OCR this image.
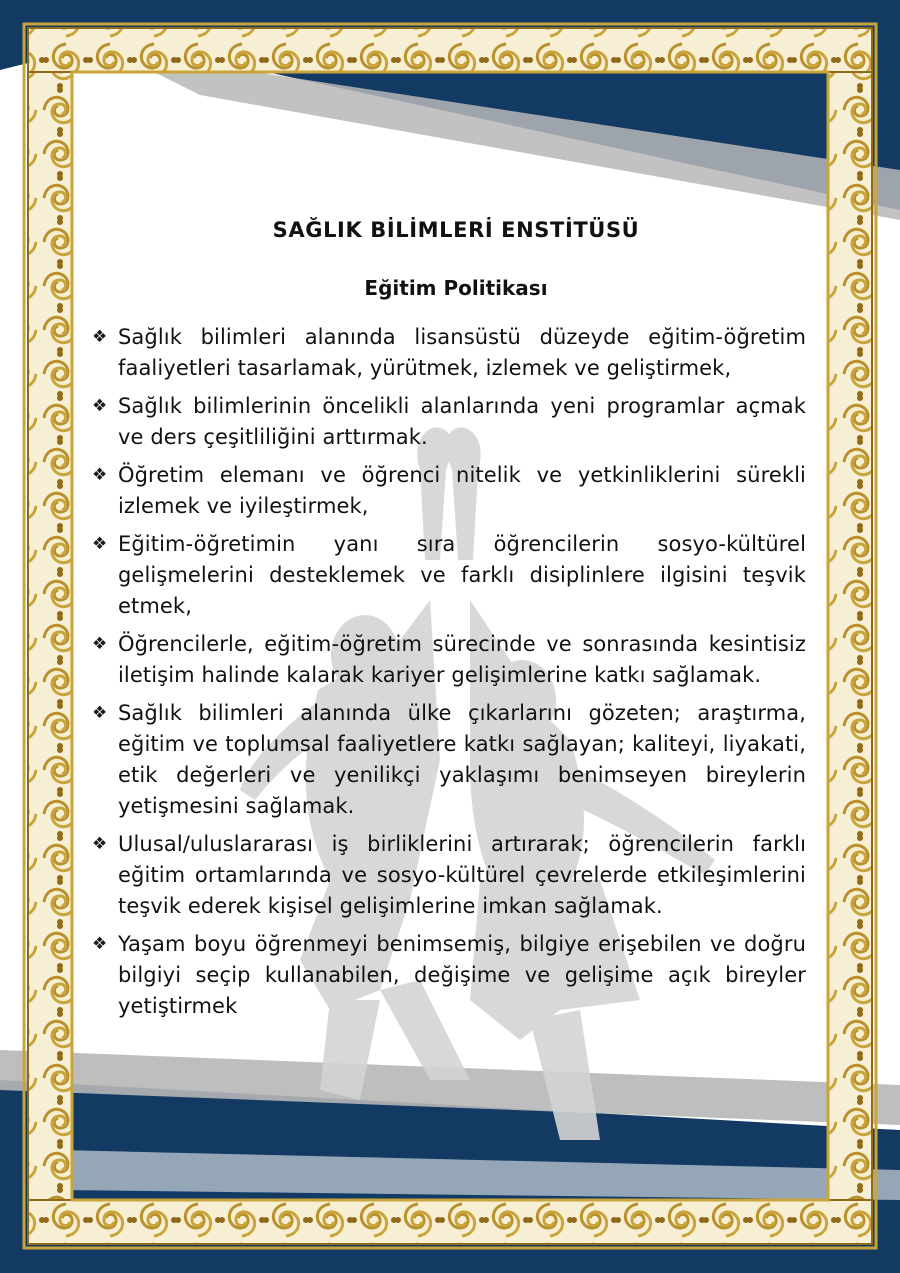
SAĞLIK BİLİMLERİ ENSTİTÜSÜ
Eğitim Politikası
❖ Sağlık bilimleri alanında lisansüstü düzeyde eğitim-öğretim faaliyetleri tasarlamak, yürütmek, izlemek ve geliştirmek,
❖ Sağlık bilimlerinin öncelikli alanlarında yeni programlar açmak ve ders çeşitliliğini arttırmak.
❖ Öğretim elemanı ve öğrenci nitelik ve yetkinliklerini sürekli izlemek ve iyileştirmek,
❖ Eğitim-öğretimin yanı sıra öğrencilerin sosyo-kültürel gelişmelerini desteklemek ve farklı disiplinlere ilgisini teşvik etmek,
❖ Öğrencilerle, eğitim-öğretim sürecinde ve sonrasında kesintisiz iletişim halinde kalarak kariyer gelişimlerine katkı sağlamak.
❖ Sağlık bilimleri alanında ülke çıkarlarını gözeten; araştırma, eğitim ve toplumsal faaliyetlere katkı sağlayan; kaliteyi, liyakati, etik değerleri ve yenilikçi yaklaşımı benimseyen bireylerin yetişmesini sağlamak.
❖ Ulusal/uluslararası iş birliklerini artırarak; öğrencilerin farklı eğitim ortamlarında ve sosyo-kültürel çevrelerde etkileşimlerini teşvik ederek kişisel gelişimlerine imkan sağlamak.
❖ Yaşam boyu öğrenmeyi benimsemiş, bilgiye erişebilen ve doğru bilgiyi seçip kullanabilen, değişime ve gelişime açık bireyler yetiştirmek
